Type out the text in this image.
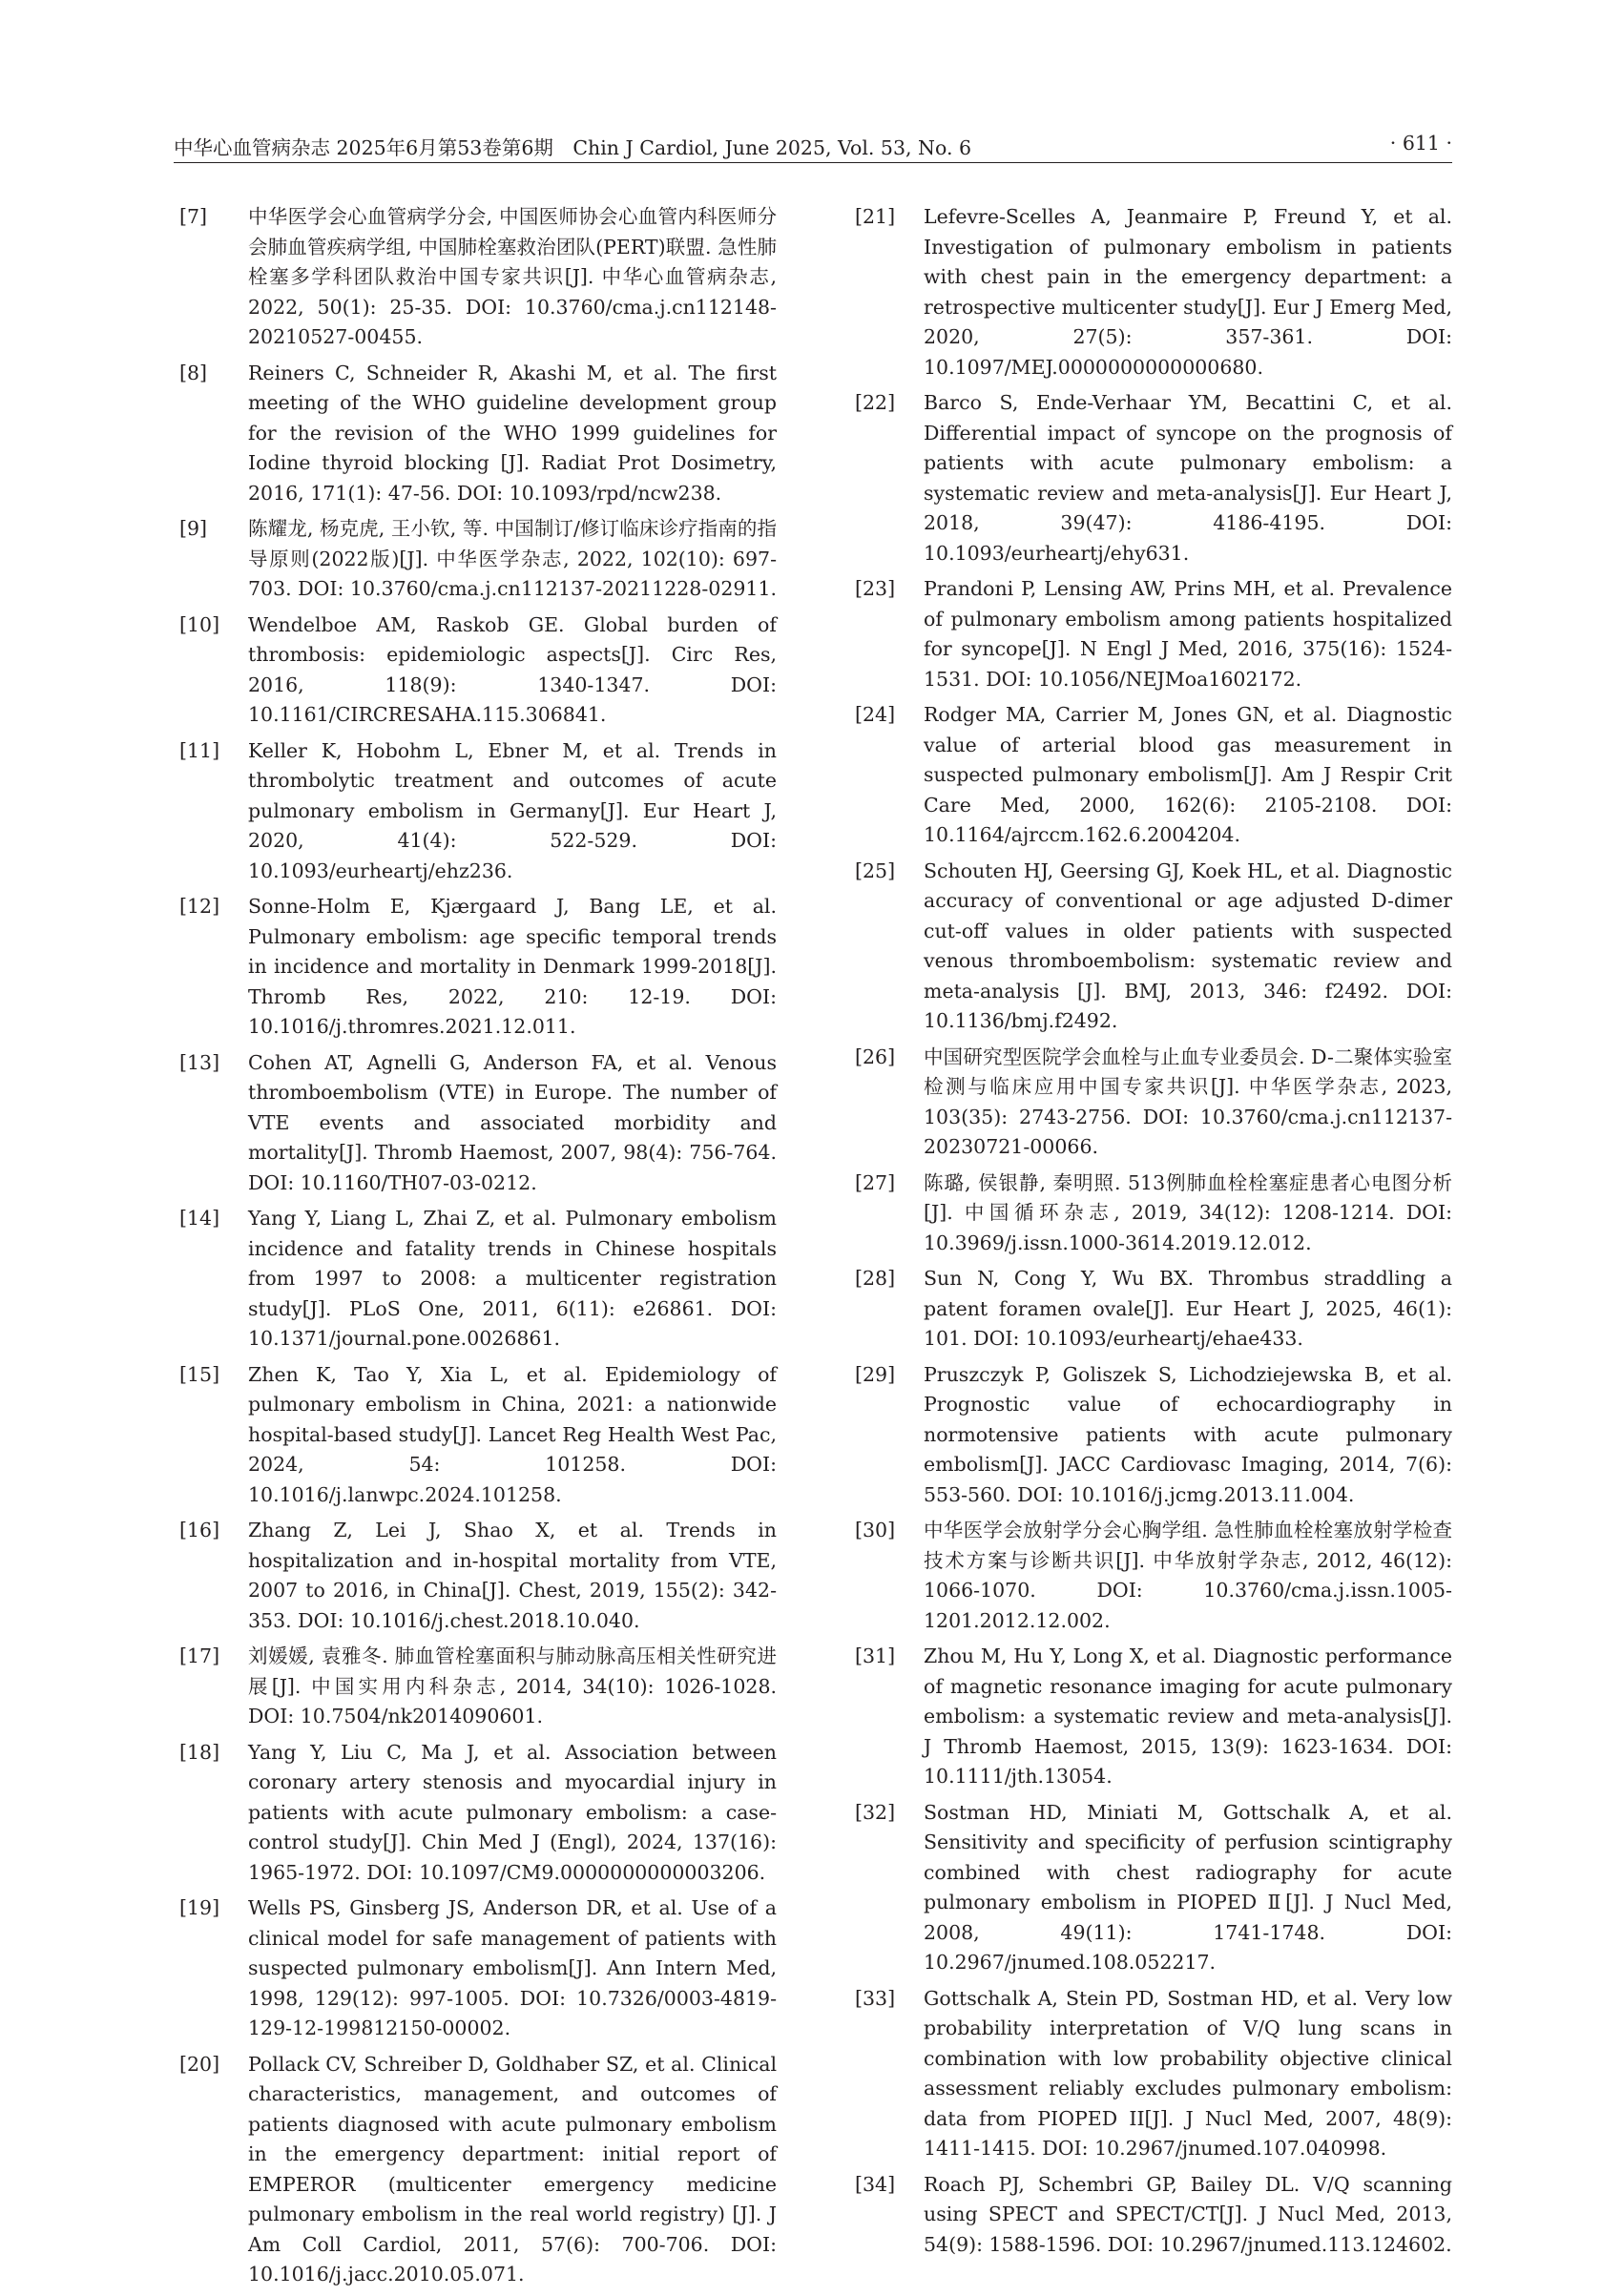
中华心血管病杂志 2025年6月第53卷第6期　Chin J Cardiol, June 2025, Vol. 53, No. 6	· 611 ·
[7] 中华医学会心血管病学分会, 中国医师协会心血管内科医师分会肺血管疾病学组, 中国肺栓塞救治团队(PERT)联盟. 急性肺栓塞多学科团队救治中国专家共识[J]. 中华心血管病杂志, 2022, 50(1): 25-35. DOI: 10.3760/cma.j.cn112148-20210527-00455.
[8] Reiners C, Schneider R, Akashi M, et al. The first meeting of the WHO guideline development group for the revision of the WHO 1999 guidelines for Iodine thyroid blocking [J]. Radiat Prot Dosimetry, 2016, 171(1): 47-56. DOI: 10.1093/rpd/ncw238.
[9] 陈耀龙, 杨克虎, 王小钦, 等. 中国制订/修订临床诊疗指南的指导原则(2022版)[J]. 中华医学杂志, 2022, 102(10): 697-703. DOI: 10.3760/cma.j.cn112137-20211228-02911.
[10] Wendelboe AM, Raskob GE. Global burden of thrombosis: epidemiologic aspects[J]. Circ Res, 2016, 118(9): 1340-1347. DOI: 10.1161/CIRCRESAHA.115.306841.
[11] Keller K, Hobohm L, Ebner M, et al. Trends in thrombolytic treatment and outcomes of acute pulmonary embolism in Germany[J]. Eur Heart J, 2020, 41(4): 522-529. DOI: 10.1093/eurheartj/ehz236.
[12] Sonne-Holm E, Kjærgaard J, Bang LE, et al. Pulmonary embolism: age specific temporal trends in incidence and mortality in Denmark 1999-2018[J]. Thromb Res, 2022, 210: 12-19. DOI: 10.1016/j.thromres.2021.12.011.
[13] Cohen AT, Agnelli G, Anderson FA, et al. Venous thromboembolism (VTE) in Europe. The number of VTE events and associated morbidity and mortality[J]. Thromb Haemost, 2007, 98(4): 756-764. DOI: 10.1160/TH07-03-0212.
[14] Yang Y, Liang L, Zhai Z, et al. Pulmonary embolism incidence and fatality trends in Chinese hospitals from 1997 to 2008: a multicenter registration study[J]. PLoS One, 2011, 6(11): e26861. DOI: 10.1371/journal.pone.0026861.
[15] Zhen K, Tao Y, Xia L, et al. Epidemiology of pulmonary embolism in China, 2021: a nationwide hospital-based study[J]. Lancet Reg Health West Pac, 2024, 54: 101258. DOI: 10.1016/j.lanwpc.2024.101258.
[16] Zhang Z, Lei J, Shao X, et al. Trends in hospitalization and in-hospital mortality from VTE, 2007 to 2016, in China[J]. Chest, 2019, 155(2): 342-353. DOI: 10.1016/j.chest.2018.10.040.
[17] 刘媛媛, 袁雅冬. 肺血管栓塞面积与肺动脉高压相关性研究进展[J]. 中国实用内科杂志, 2014, 34(10): 1026-1028. DOI: 10.7504/nk2014090601.
[18] Yang Y, Liu C, Ma J, et al. Association between coronary artery stenosis and myocardial injury in patients with acute pulmonary embolism: a case-control study[J]. Chin Med J (Engl), 2024, 137(16): 1965-1972. DOI: 10.1097/CM9.0000000000003206.
[19] Wells PS, Ginsberg JS, Anderson DR, et al. Use of a clinical model for safe management of patients with suspected pulmonary embolism[J]. Ann Intern Med, 1998, 129(12): 997-1005. DOI: 10.7326/0003-4819-129-12-199812150-00002.
[20] Pollack CV, Schreiber D, Goldhaber SZ, et al. Clinical characteristics, management, and outcomes of patients diagnosed with acute pulmonary embolism in the emergency department: initial report of EMPEROR (multicenter emergency medicine pulmonary embolism in the real world registry) [J]. J Am Coll Cardiol, 2011, 57(6): 700-706. DOI: 10.1016/j.jacc.2010.05.071.
[21] Lefevre-Scelles A, Jeanmaire P, Freund Y, et al. Investigation of pulmonary embolism in patients with chest pain in the emergency department: a retrospective multicenter study[J]. Eur J Emerg Med, 2020, 27(5): 357-361. DOI: 10.1097/MEJ.0000000000000680.
[22] Barco S, Ende-Verhaar YM, Becattini C, et al. Differential impact of syncope on the prognosis of patients with acute pulmonary embolism: a systematic review and meta-analysis[J]. Eur Heart J, 2018, 39(47): 4186-4195. DOI: 10.1093/eurheartj/ehy631.
[23] Prandoni P, Lensing AW, Prins MH, et al. Prevalence of pulmonary embolism among patients hospitalized for syncope[J]. N Engl J Med, 2016, 375(16): 1524-1531. DOI: 10.1056/NEJMoa1602172.
[24] Rodger MA, Carrier M, Jones GN, et al. Diagnostic value of arterial blood gas measurement in suspected pulmonary embolism[J]. Am J Respir Crit Care Med, 2000, 162(6): 2105-2108. DOI: 10.1164/ajrccm.162.6.2004204.
[25] Schouten HJ, Geersing GJ, Koek HL, et al. Diagnostic accuracy of conventional or age adjusted D-dimer cut-off values in older patients with suspected venous thromboembolism: systematic review and meta-analysis [J]. BMJ, 2013, 346: f2492. DOI: 10.1136/bmj.f2492.
[26] 中国研究型医院学会血栓与止血专业委员会. D-二聚体实验室检测与临床应用中国专家共识[J]. 中华医学杂志, 2023, 103(35): 2743-2756. DOI: 10.3760/cma.j.cn112137-20230721-00066.
[27] 陈璐, 侯银静, 秦明照. 513例肺血栓栓塞症患者心电图分析[J]. 中国循环杂志, 2019, 34(12): 1208-1214. DOI: 10.3969/j.issn.1000-3614.2019.12.012.
[28] Sun N, Cong Y, Wu BX. Thrombus straddling a patent foramen ovale[J]. Eur Heart J, 2025, 46(1): 101. DOI: 10.1093/eurheartj/ehae433.
[29] Pruszczyk P, Goliszek S, Lichodziejewska B, et al. Prognostic value of echocardiography in normotensive patients with acute pulmonary embolism[J]. JACC Cardiovasc Imaging, 2014, 7(6): 553-560. DOI: 10.1016/j.jcmg.2013.11.004.
[30] 中华医学会放射学分会心胸学组. 急性肺血栓栓塞放射学检查技术方案与诊断共识[J]. 中华放射学杂志, 2012, 46(12): 1066-1070. DOI: 10.3760/cma.j.issn.1005-1201.2012.12.002.
[31] Zhou M, Hu Y, Long X, et al. Diagnostic performance of magnetic resonance imaging for acute pulmonary embolism: a systematic review and meta-analysis[J]. J Thromb Haemost, 2015, 13(9): 1623-1634. DOI: 10.1111/jth.13054.
[32] Sostman HD, Miniati M, Gottschalk A, et al. Sensitivity and specificity of perfusion scintigraphy combined with chest radiography for acute pulmonary embolism in PIOPED Ⅱ[J]. J Nucl Med, 2008, 49(11): 1741-1748. DOI: 10.2967/jnumed.108.052217.
[33] Gottschalk A, Stein PD, Sostman HD, et al. Very low probability interpretation of V/Q lung scans in combination with low probability objective clinical assessment reliably excludes pulmonary embolism: data from PIOPED II[J]. J Nucl Med, 2007, 48(9): 1411-1415. DOI: 10.2967/jnumed.107.040998.
[34] Roach PJ, Schembri GP, Bailey DL. V/Q scanning using SPECT and SPECT/CT[J]. J Nucl Med, 2013, 54(9): 1588-1596. DOI: 10.2967/jnumed.113.124602.
